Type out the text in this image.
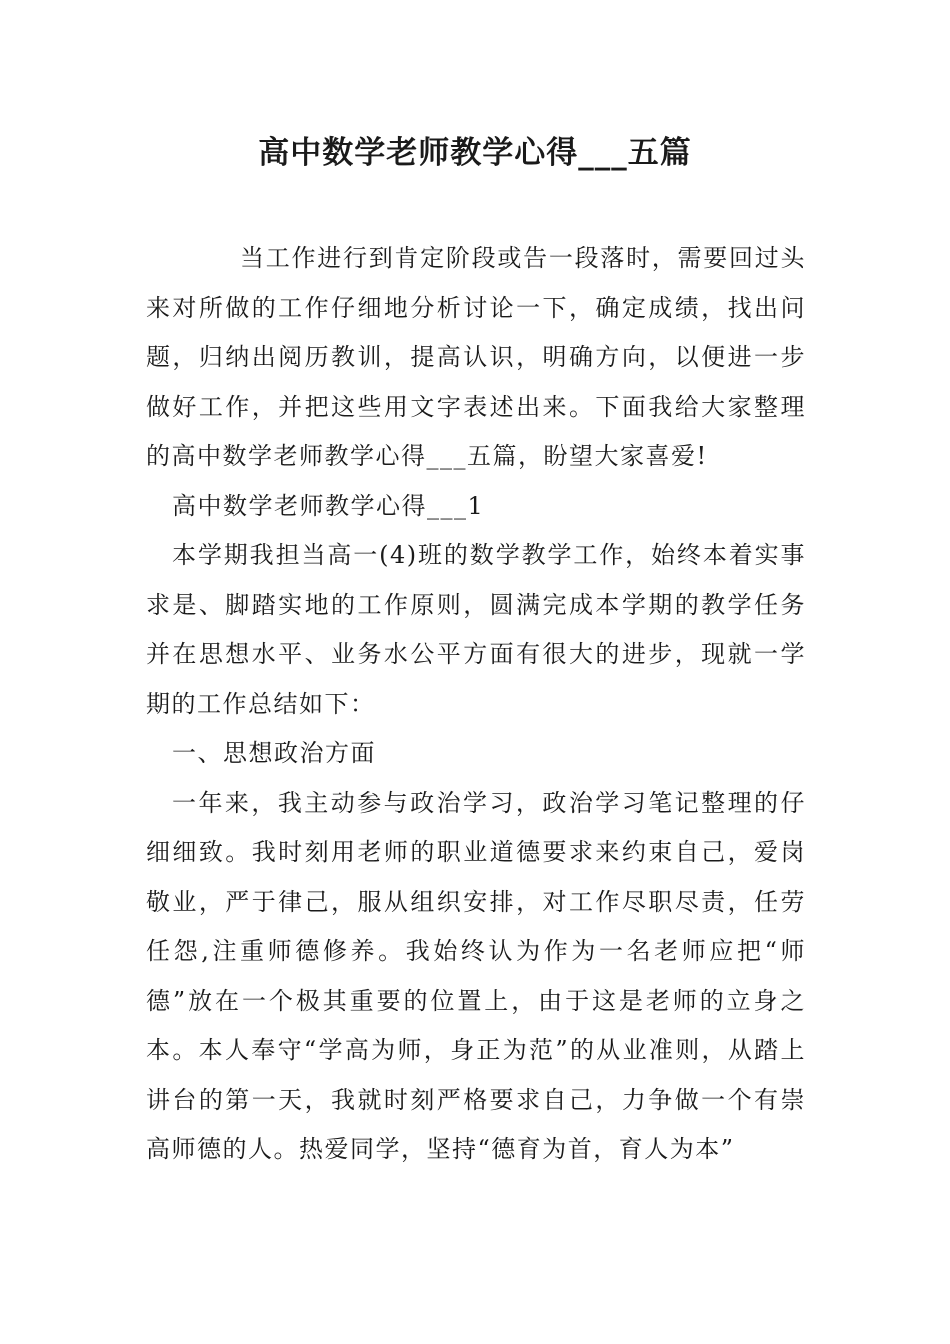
高中数学老师教学心得___五篇

当工作进行到肯定阶段或告一段落时，需要回过头来对所做的工作仔细地分析讨论一下，确定成绩，找出问题，归纳出阅历教训，提高认识，明确方向，以便进一步做好工作，并把这些用文字表述出来。下面我给大家整理的高中数学老师教学心得___五篇，盼望大家喜爱!

高中数学老师教学心得___1

本学期我担当高一(4)班的数学教学工作，始终本着实事求是、脚踏实地的工作原则，圆满完成本学期的教学任务并在思想水平、业务水公平方面有很大的进步，现就一学期的工作总结如下：

一、思想政治方面

一年来，我主动参与政治学习，政治学习笔记整理的仔细细致。我时刻用老师的职业道德要求来约束自己，爱岗敬业，严于律己，服从组织安排，对工作尽职尽责，任劳任怨,注重师德修养。我始终认为作为一名老师应把“师德”放在一个极其重要的位置上，由于这是老师的立身之本。本人奉守“学高为师，身正为范”的从业准则，从踏上讲台的第一天，我就时刻严格要求自己，力争做一个有崇高师德的人。热爱同学，坚持“德育为首，育人为本”
